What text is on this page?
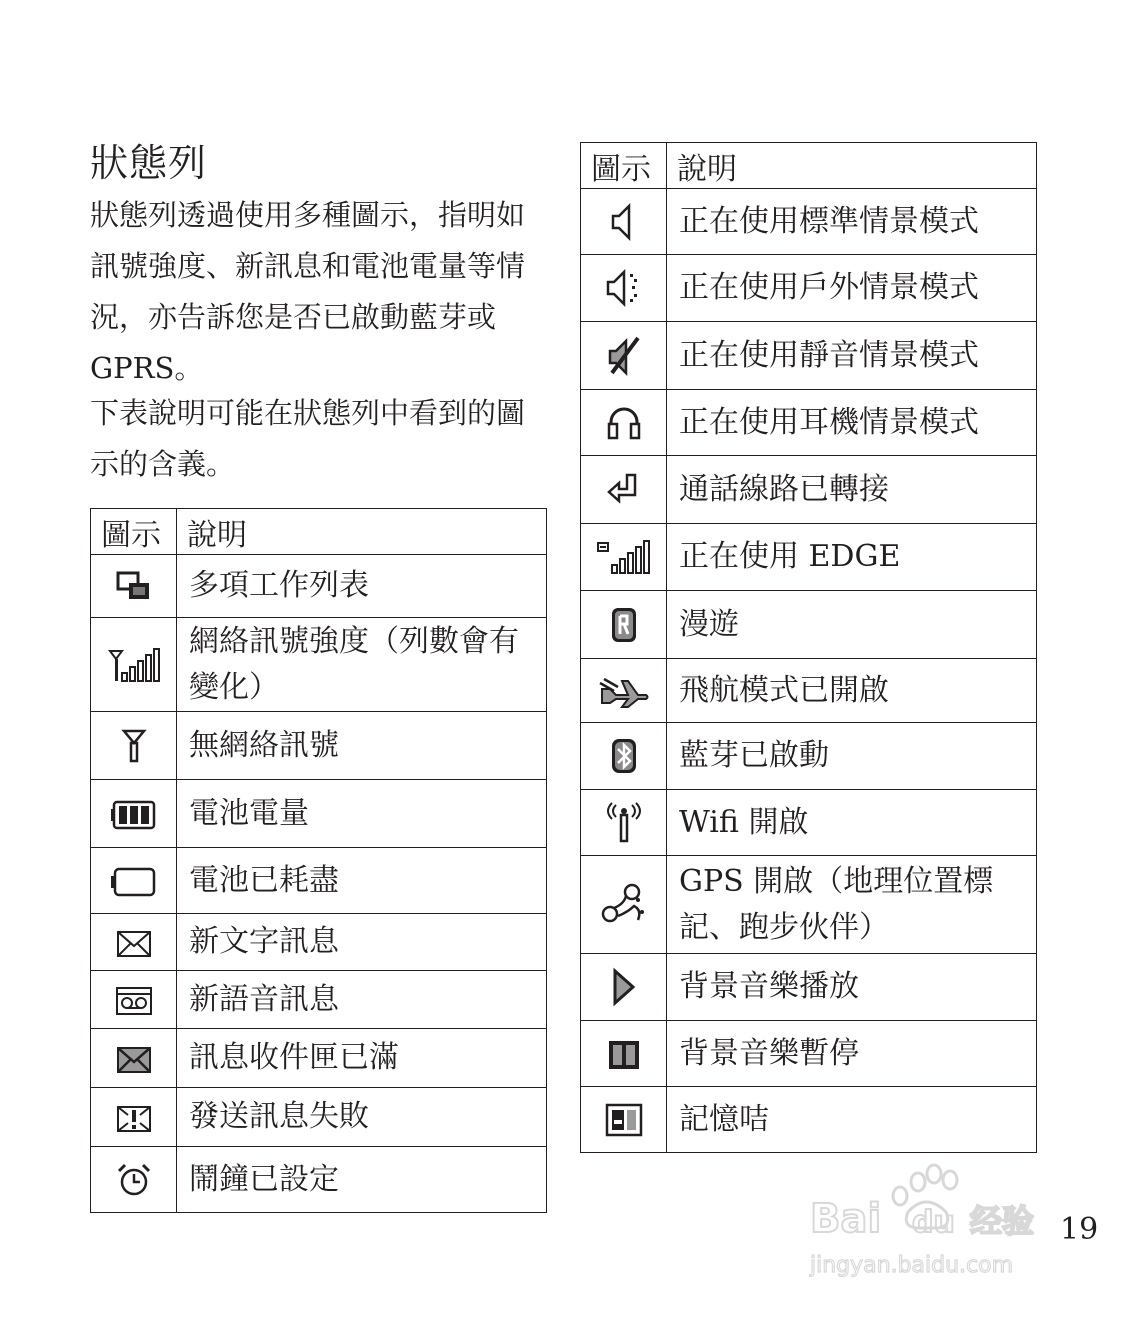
狀態列

狀態列透過使用多種圖示，指明如訊號強度、新訊息和電池電量等情況，亦告訴您是否已啟動藍芽或 GPRS。

下表說明可能在狀態列中看到的圖示的含義。

圖示	說明
	多項工作列表
	網絡訊號強度（列數會有變化）
	無網絡訊號
	電池電量
	電池已耗盡
	新文字訊息
	新語音訊息
	訊息收件匣已滿
	發送訊息失敗
	鬧鐘已設定
圖示	說明
	正在使用標準情景模式
	正在使用戶外情景模式
	正在使用靜音情景模式
	正在使用耳機情景模式
	通話線路已轉接
	正在使用 EDGE
	漫遊
	飛航模式已開啟
	藍芽已啟動
	Wifi 開啟
	GPS 開啟（地理位置標記、跑步伙伴）
	背景音樂播放
	背景音樂暫停
	記憶咭
Bai du 经验
jingyan.baidu.com
19
